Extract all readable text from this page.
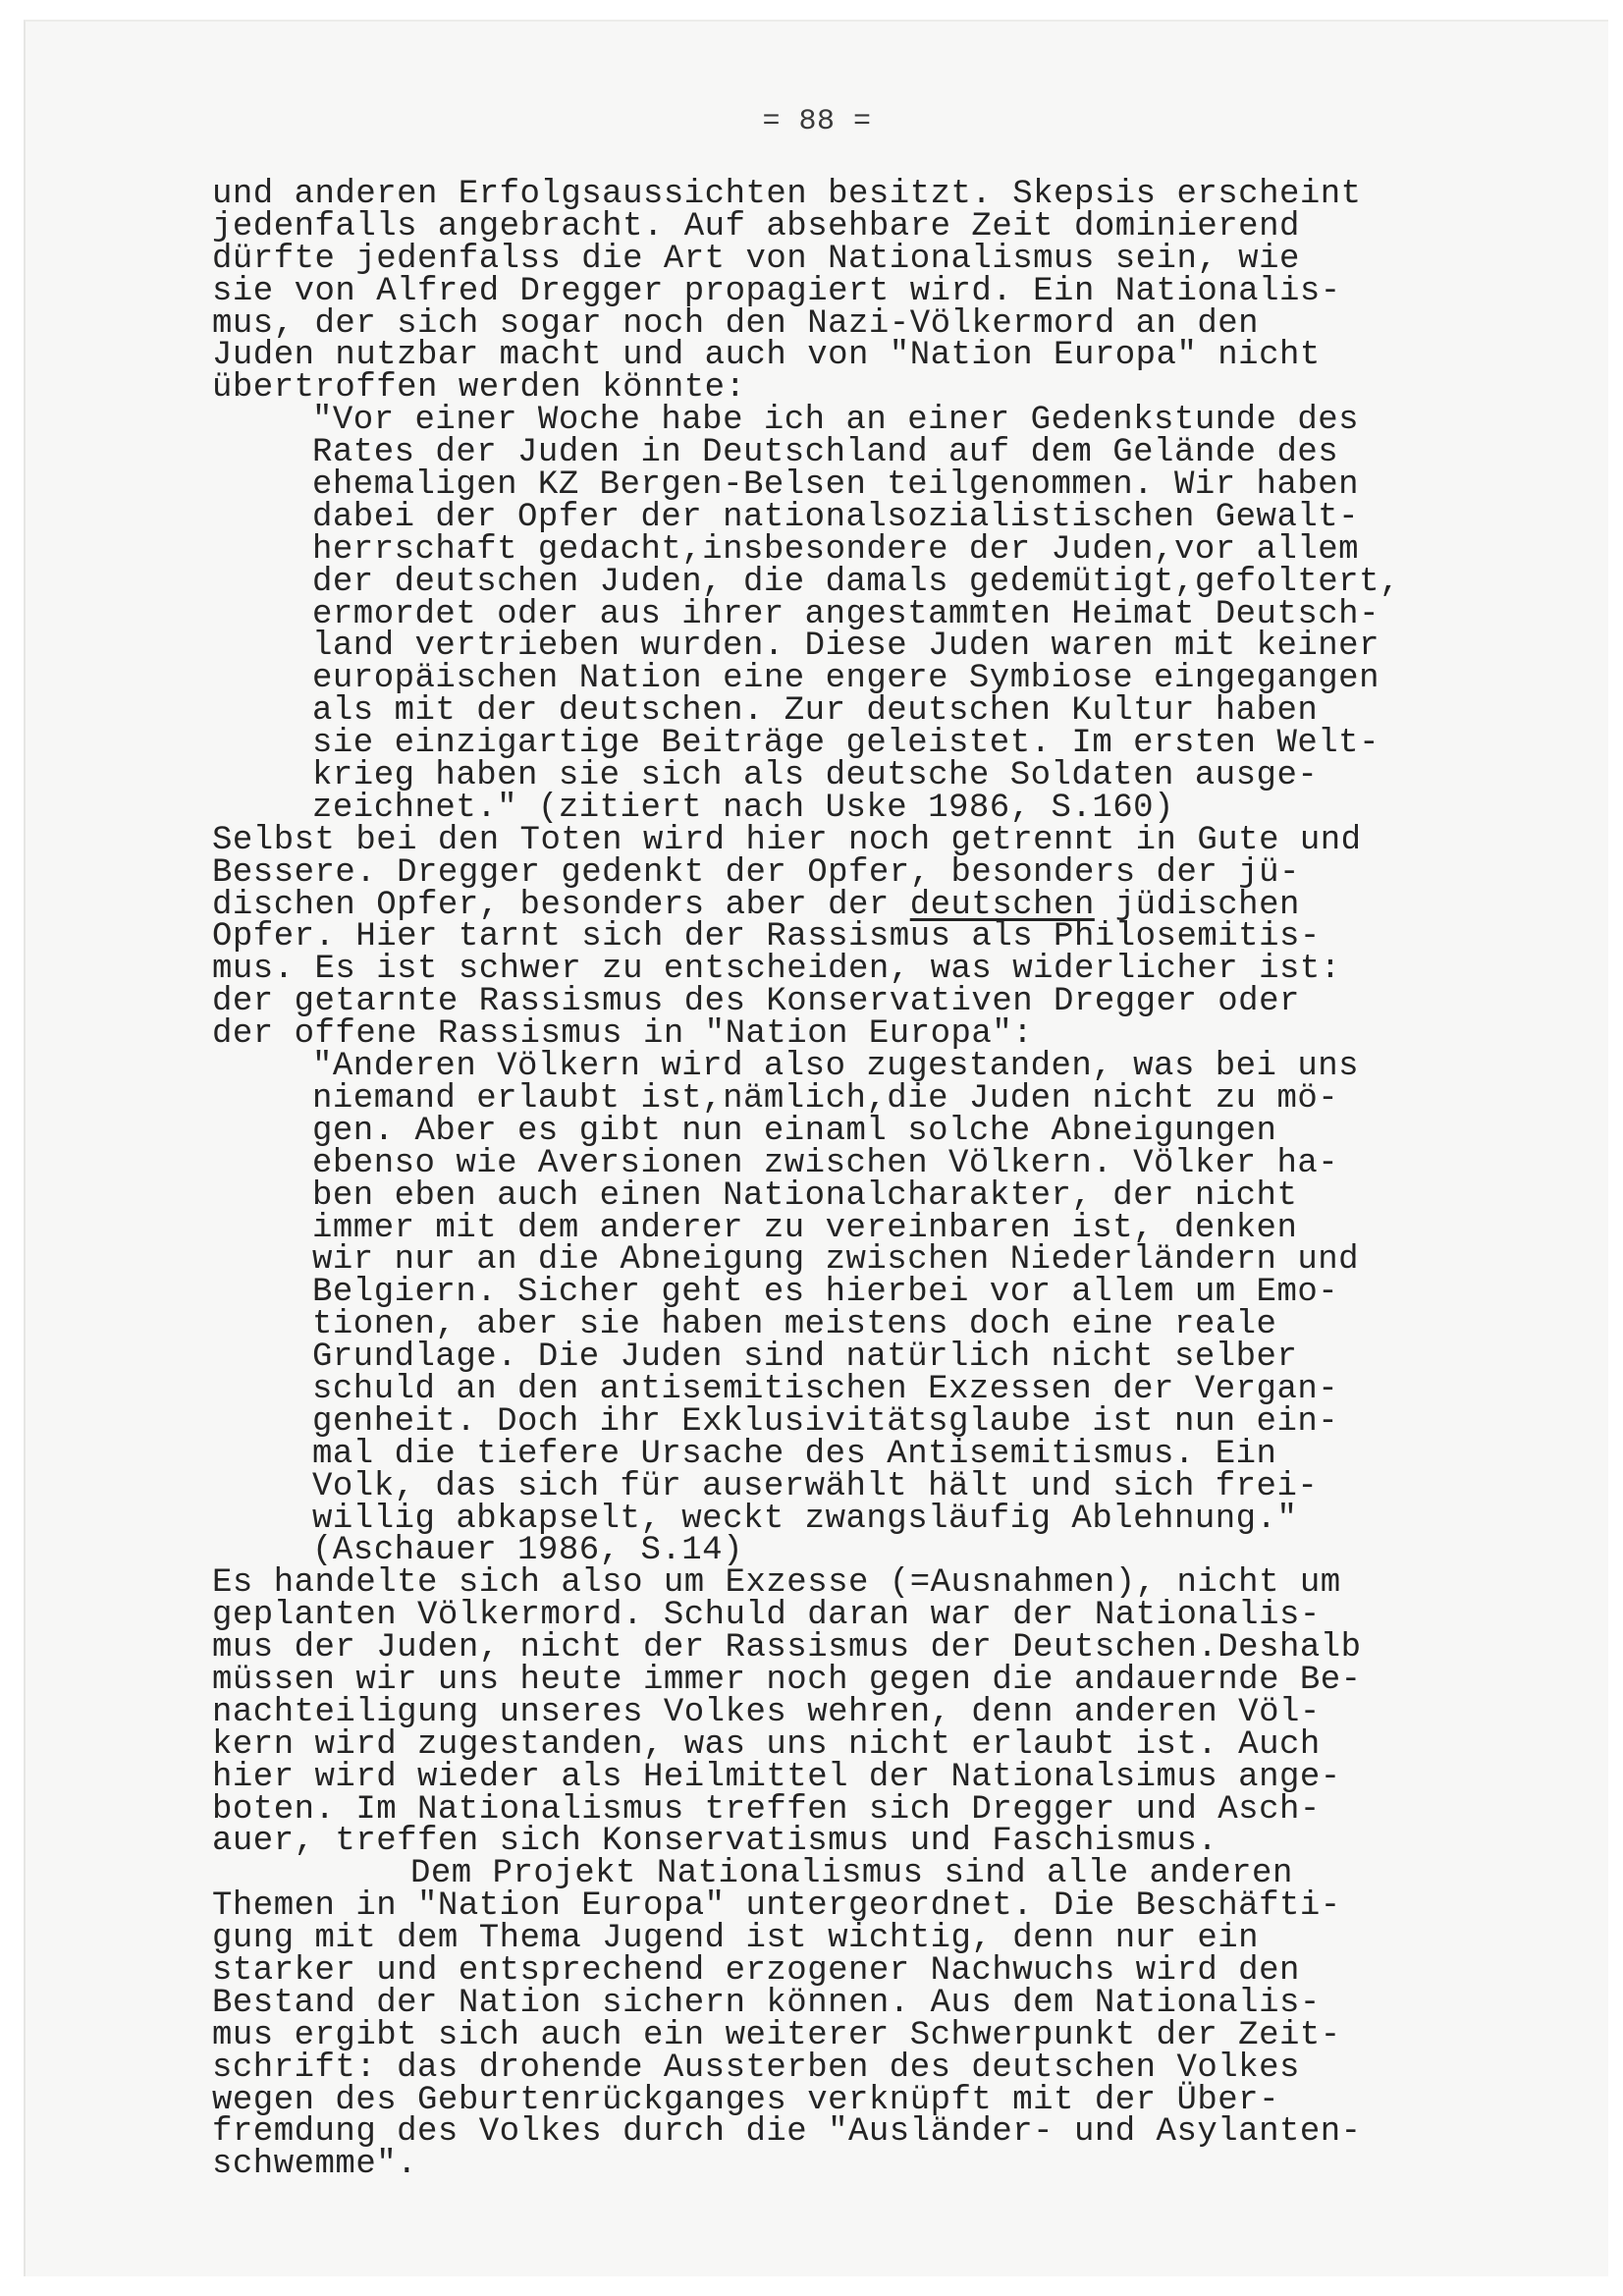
= 88 =
und anderen Erfolgsaussichten besitzt. Skepsis erscheint
jedenfalls angebracht. Auf absehbare Zeit dominierend
dürfte jedenfalss die Art von Nationalismus sein, wie
sie von Alfred Dregger propagiert wird. Ein Nationalis-
mus, der sich sogar noch den Nazi-Völkermord an den
Juden nutzbar macht und auch von "Nation Europa" nicht
übertroffen werden könnte:
"Vor einer Woche habe ich an einer Gedenkstunde des
Rates der Juden in Deutschland auf dem Gelände des
ehemaligen KZ Bergen-Belsen teilgenommen. Wir haben
dabei der Opfer der nationalsozialistischen Gewalt-
herrschaft gedacht,insbesondere der Juden,vor allem
der deutschen Juden, die damals gedemütigt,gefoltert,
ermordet oder aus ihrer angestammten Heimat Deutsch-
land vertrieben wurden. Diese Juden waren mit keiner
europäischen Nation eine engere Symbiose eingegangen
als mit der deutschen. Zur deutschen Kultur haben
sie einzigartige Beiträge geleistet. Im ersten Welt-
krieg haben sie sich als deutsche Soldaten ausge-
zeichnet." (zitiert nach Uske 1986, S.160)
Selbst bei den Toten wird hier noch getrennt in Gute und
Bessere. Dregger gedenkt der Opfer, besonders der jü-
dischen Opfer, besonders aber der deutschen jüdischen
Opfer. Hier tarnt sich der Rassismus als Philosemitis-
mus. Es ist schwer zu entscheiden, was widerlicher ist:
der getarnte Rassismus des Konservativen Dregger oder
der offene Rassismus in "Nation Europa":
"Anderen Völkern wird also zugestanden, was bei uns
niemand erlaubt ist,nämlich,die Juden nicht zu mö-
gen. Aber es gibt nun einaml solche Abneigungen
ebenso wie Aversionen zwischen Völkern. Völker ha-
ben eben auch einen Nationalcharakter, der nicht
immer mit dem anderer zu vereinbaren ist, denken
wir nur an die Abneigung zwischen Niederländern und
Belgiern. Sicher geht es hierbei vor allem um Emo-
tionen, aber sie haben meistens doch eine reale
Grundlage. Die Juden sind natürlich nicht selber
schuld an den antisemitischen Exzessen der Vergan-
genheit. Doch ihr Exklusivitätsglaube ist nun ein-
mal die tiefere Ursache des Antisemitismus. Ein
Volk, das sich für auserwählt hält und sich frei-
willig abkapselt, weckt zwangsläufig Ablehnung."
(Aschauer 1986, S.14)
Es handelte sich also um Exzesse (=Ausnahmen), nicht um
geplanten Völkermord. Schuld daran war der Nationalis-
mus der Juden, nicht der Rassismus der Deutschen.Deshalb
müssen wir uns heute immer noch gegen die andauernde Be-
nachteiligung unseres Volkes wehren, denn anderen Völ-
kern wird zugestanden, was uns nicht erlaubt ist. Auch
hier wird wieder als Heilmittel der Nationalsimus ange-
boten. Im Nationalismus treffen sich Dregger und Asch-
auer, treffen sich Konservatismus und Faschismus.
Dem Projekt Nationalismus sind alle anderen
Themen in "Nation Europa" untergeordnet. Die Beschäfti-
gung mit dem Thema Jugend ist wichtig, denn nur ein
starker und entsprechend erzogener Nachwuchs wird den
Bestand der Nation sichern können. Aus dem Nationalis-
mus ergibt sich auch ein weiterer Schwerpunkt der Zeit-
schrift: das drohende Aussterben des deutschen Volkes
wegen des Geburtenrückganges verknüpft mit der Über-
fremdung des Volkes durch die "Ausländer- und Asylanten-
schwemme".
